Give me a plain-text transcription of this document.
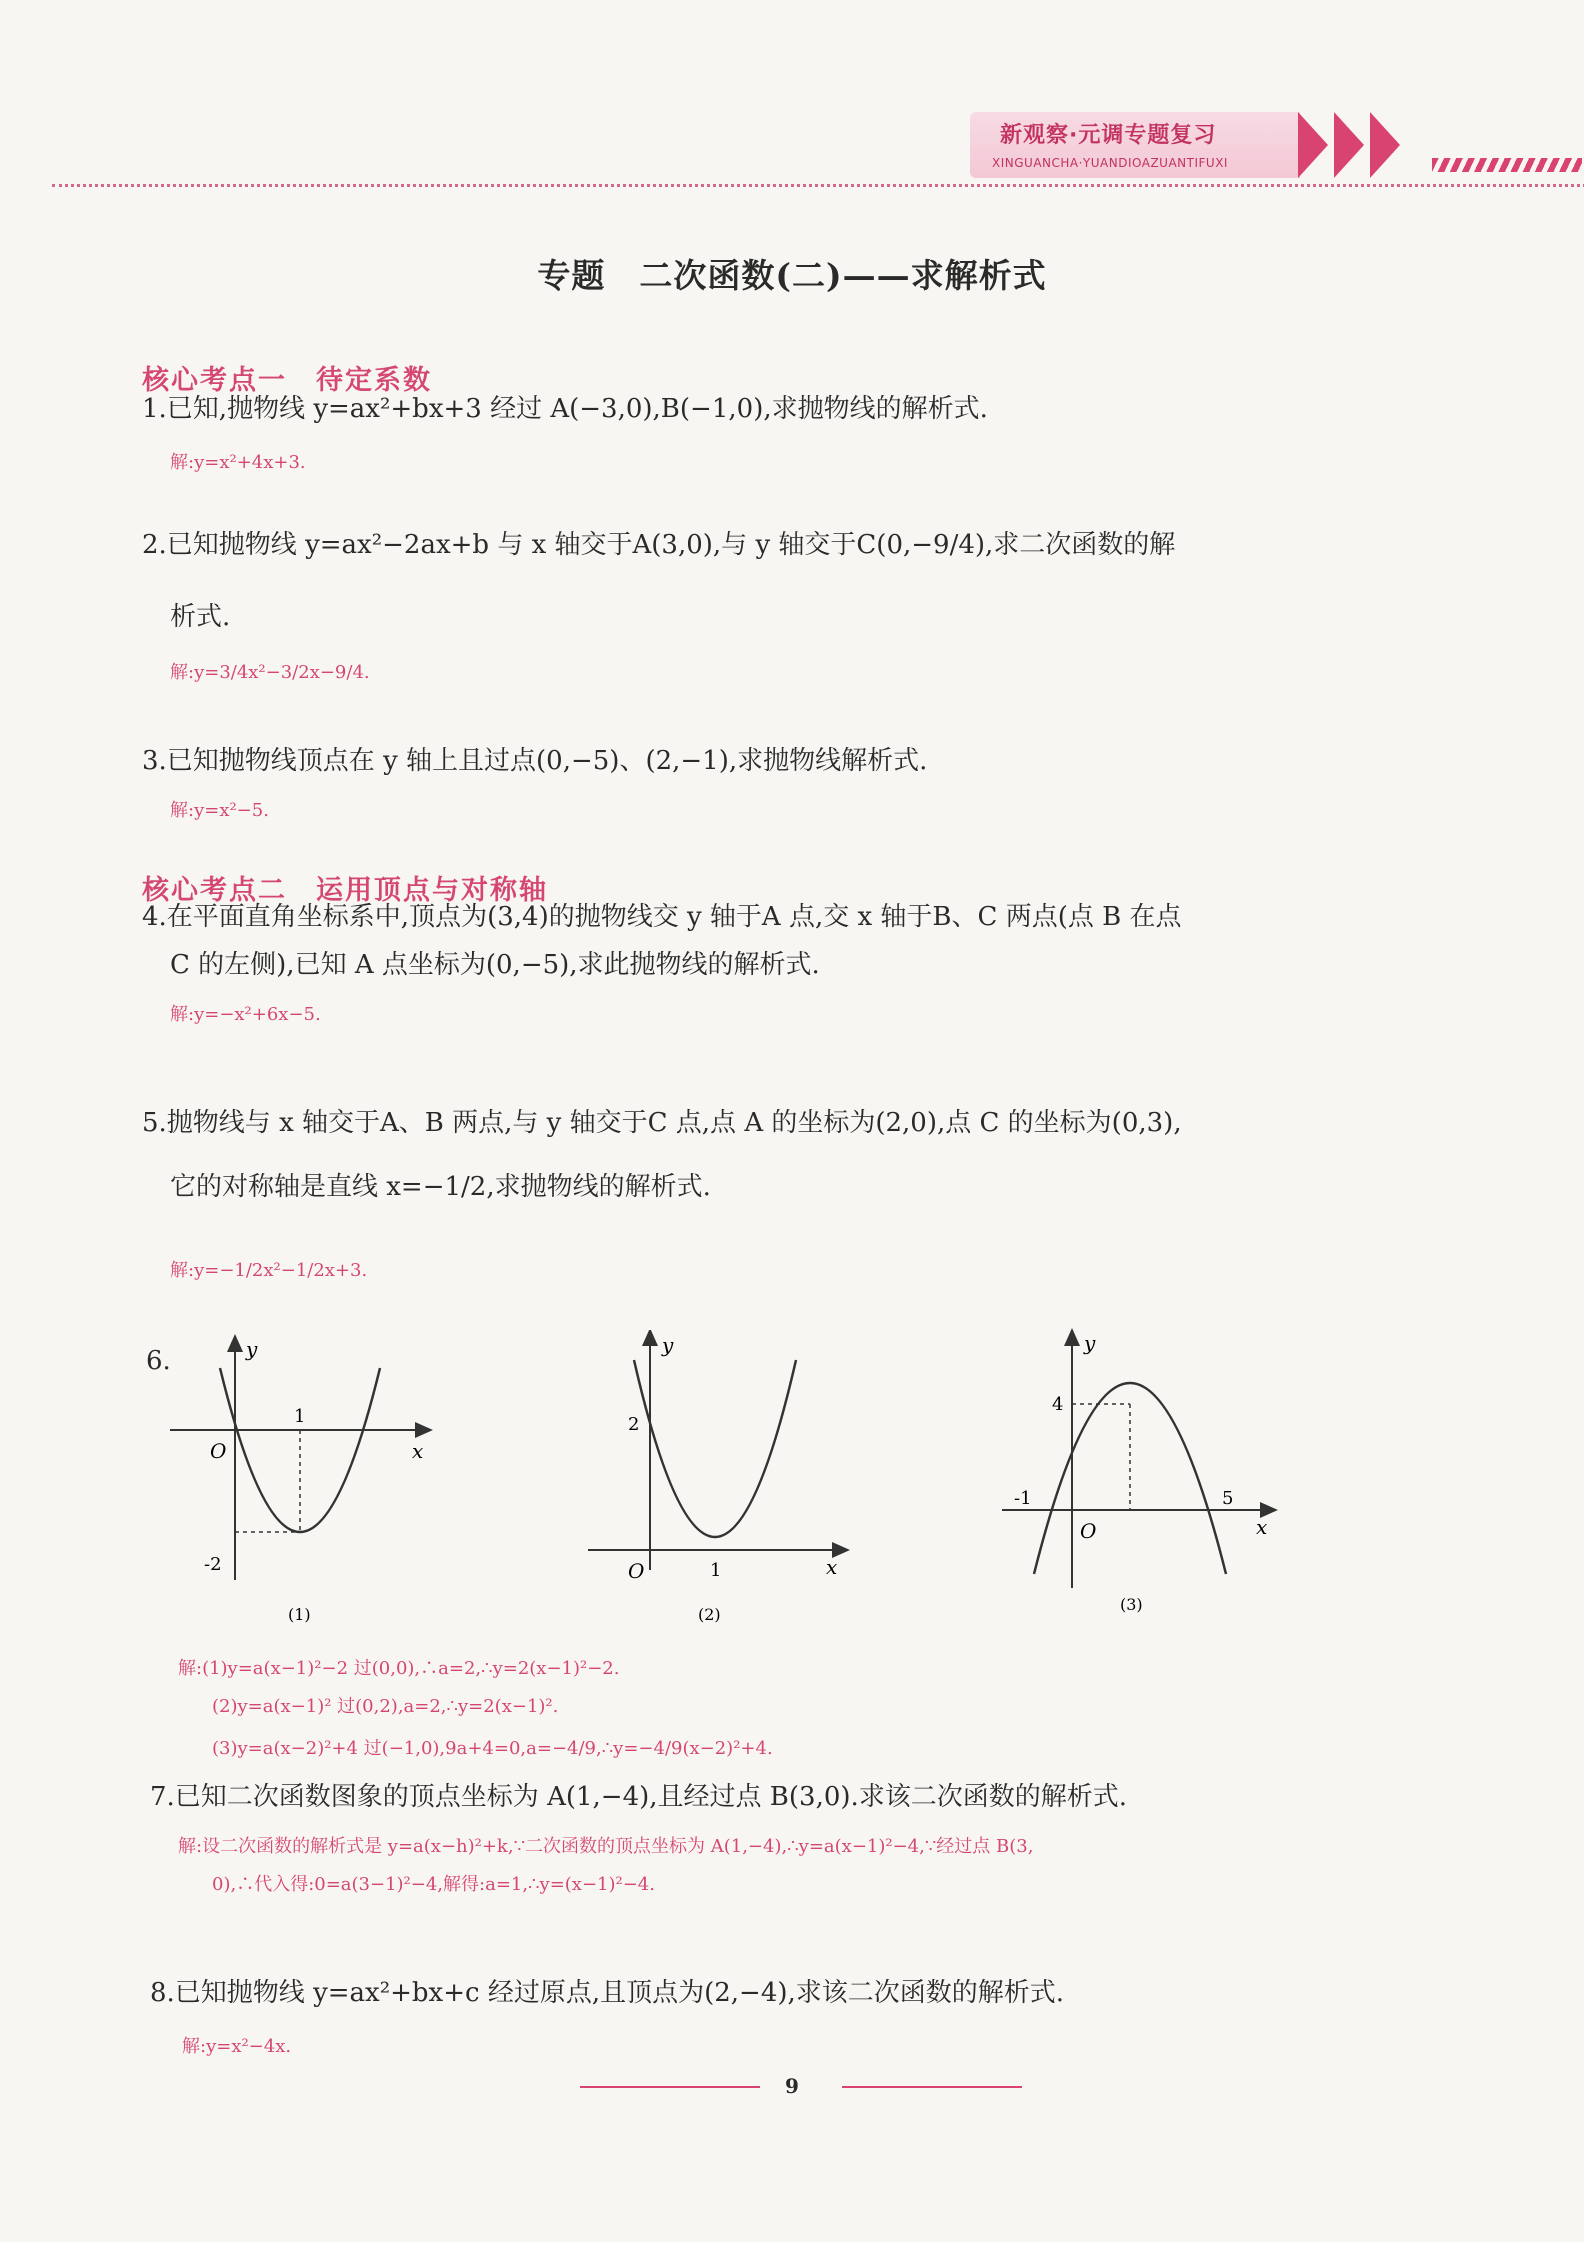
新观察·元调专题复习
XINGUANCHA·YUANDIOAZUANTIFUXI
专题　二次函数(二)——求解析式
核心考点一　待定系数
1.已知,抛物线 y=ax²+bx+3 经过 A(−3,0),B(−1,0),求抛物线的解析式.
解:y=x²+4x+3.
2.已知抛物线 y=ax²−2ax+b 与 x 轴交于A(3,0),与 y 轴交于C(0,−9/4),求二次函数的解
析式.
解:y=3/4x²−3/2x−9/4.
3.已知抛物线顶点在 y 轴上且过点(0,−5)、(2,−1),求抛物线解析式.
解:y=x²−5.
核心考点二　运用顶点与对称轴
4.在平面直角坐标系中,顶点为(3,4)的抛物线交 y 轴于A 点,交 x 轴于B、C 两点(点 B 在点
C 的左侧),已知 A 点坐标为(0,−5),求此抛物线的解析式.
解:y=−x²+6x−5.
5.抛物线与 x 轴交于A、B 两点,与 y 轴交于C 点,点 A 的坐标为(2,0),点 C 的坐标为(0,3),
它的对称轴是直线 x=−1/2,求抛物线的解析式.
解:y=−1/2x²−1/2x+3.
6.	y
x
O
1
-2
(1)
y
x
O
2
1
(2)
y
x
O
4
-1	5
(3)
解:(1)y=a(x−1)²−2 过(0,0),∴a=2,∴y=2(x−1)²−2.
(2)y=a(x−1)² 过(0,2),a=2,∴y=2(x−1)².
(3)y=a(x−2)²+4 过(−1,0),9a+4=0,a=−4/9,∴y=−4/9(x−2)²+4.
7.已知二次函数图象的顶点坐标为 A(1,−4),且经过点 B(3,0).求该二次函数的解析式.
解:设二次函数的解析式是 y=a(x−h)²+k,∵二次函数的顶点坐标为 A(1,−4),∴y=a(x−1)²−4,∵经过点 B(3,
0),∴代入得:0=a(3−1)²−4,解得:a=1,∴y=(x−1)²−4.
8.已知抛物线 y=ax²+bx+c 经过原点,且顶点为(2,−4),求该二次函数的解析式.
解:y=x²−4x.
9
